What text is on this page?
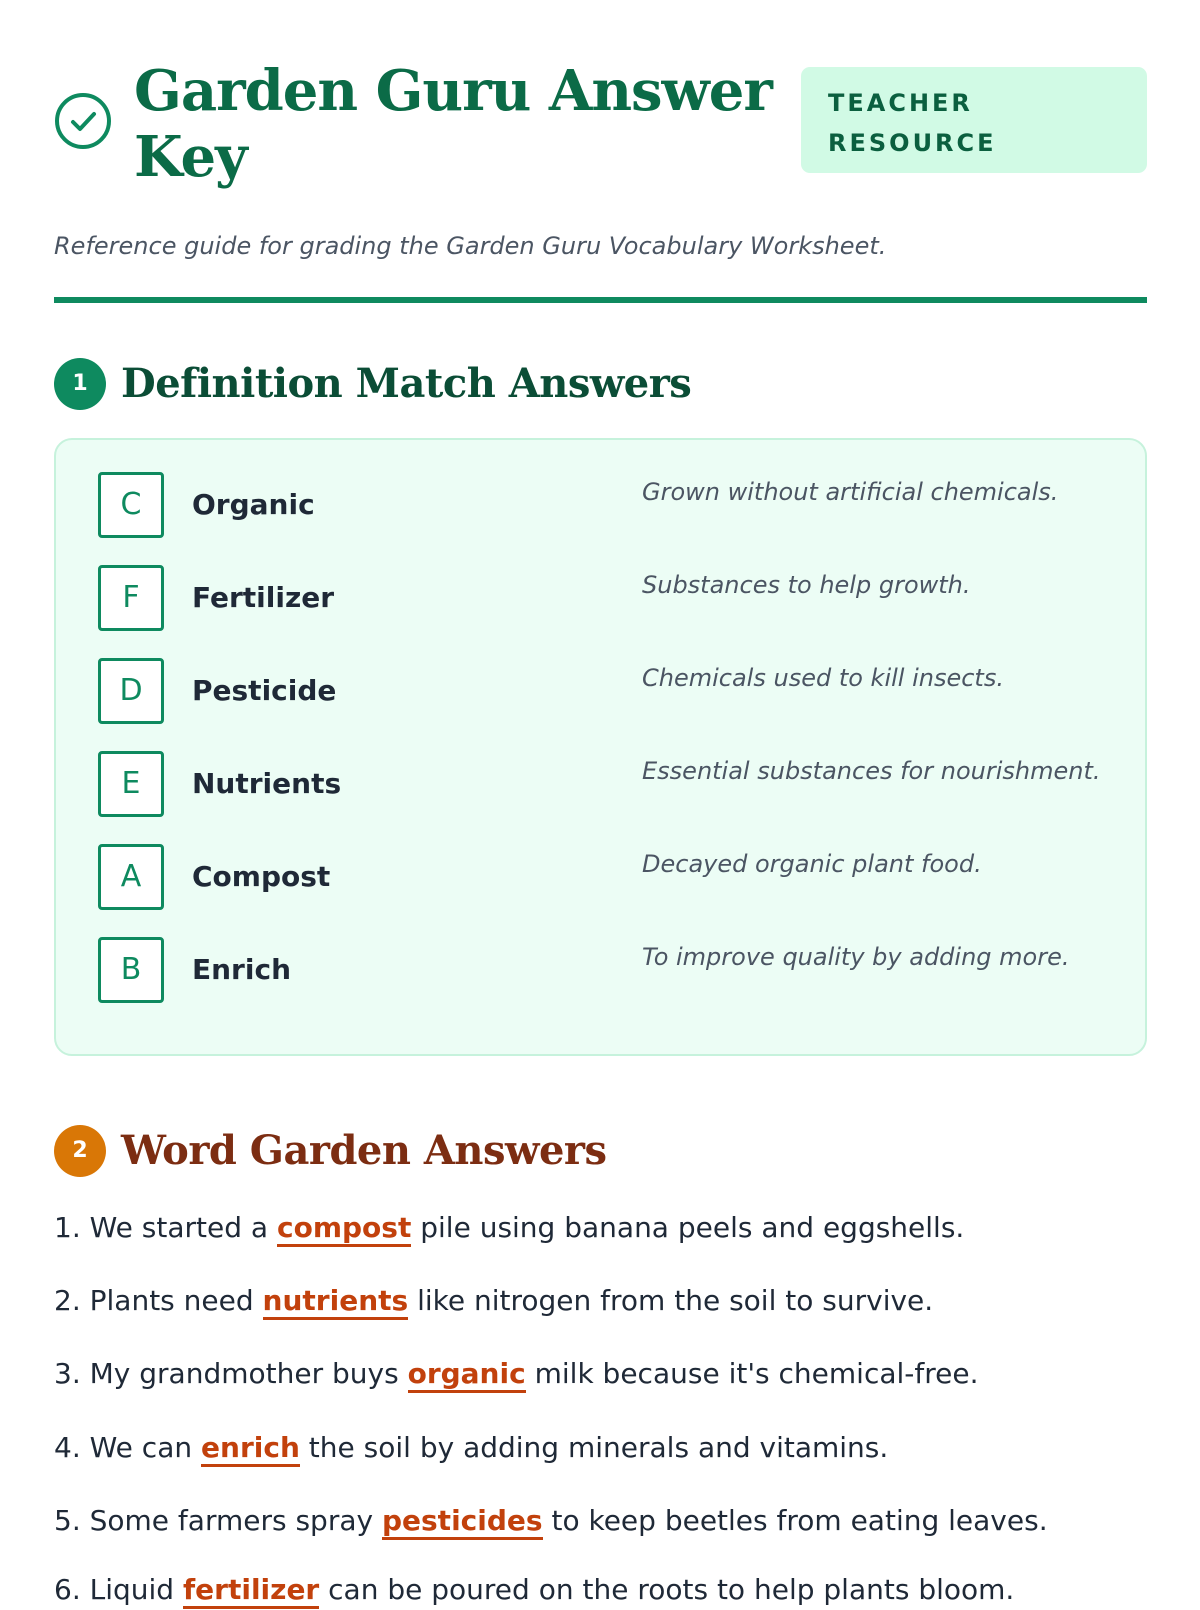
Garden Guru Answer Key
TEACHER RESOURCE

Reference guide for grading the Garden Guru Vocabulary Worksheet.

1 Definition Match Answers
C	Organic	Grown without artificial chemicals.
F	Fertilizer	Substances to help growth.
D	Pesticide	Chemicals used to kill insects.
E	Nutrients	Essential substances for nourishment.
A	Compost	Decayed organic plant food.
B	Enrich	To improve quality by adding more.
2 Word Garden Answers

1. We started a compost pile using banana peels and eggshells.

2. Plants need nutrients like nitrogen from the soil to survive.

3. My grandmother buys organic milk because it's chemical-free.

4. We can enrich the soil by adding minerals and vitamins.

5. Some farmers spray pesticides to keep beetles from eating leaves.

6. Liquid fertilizer can be poured on the roots to help plants bloom.
